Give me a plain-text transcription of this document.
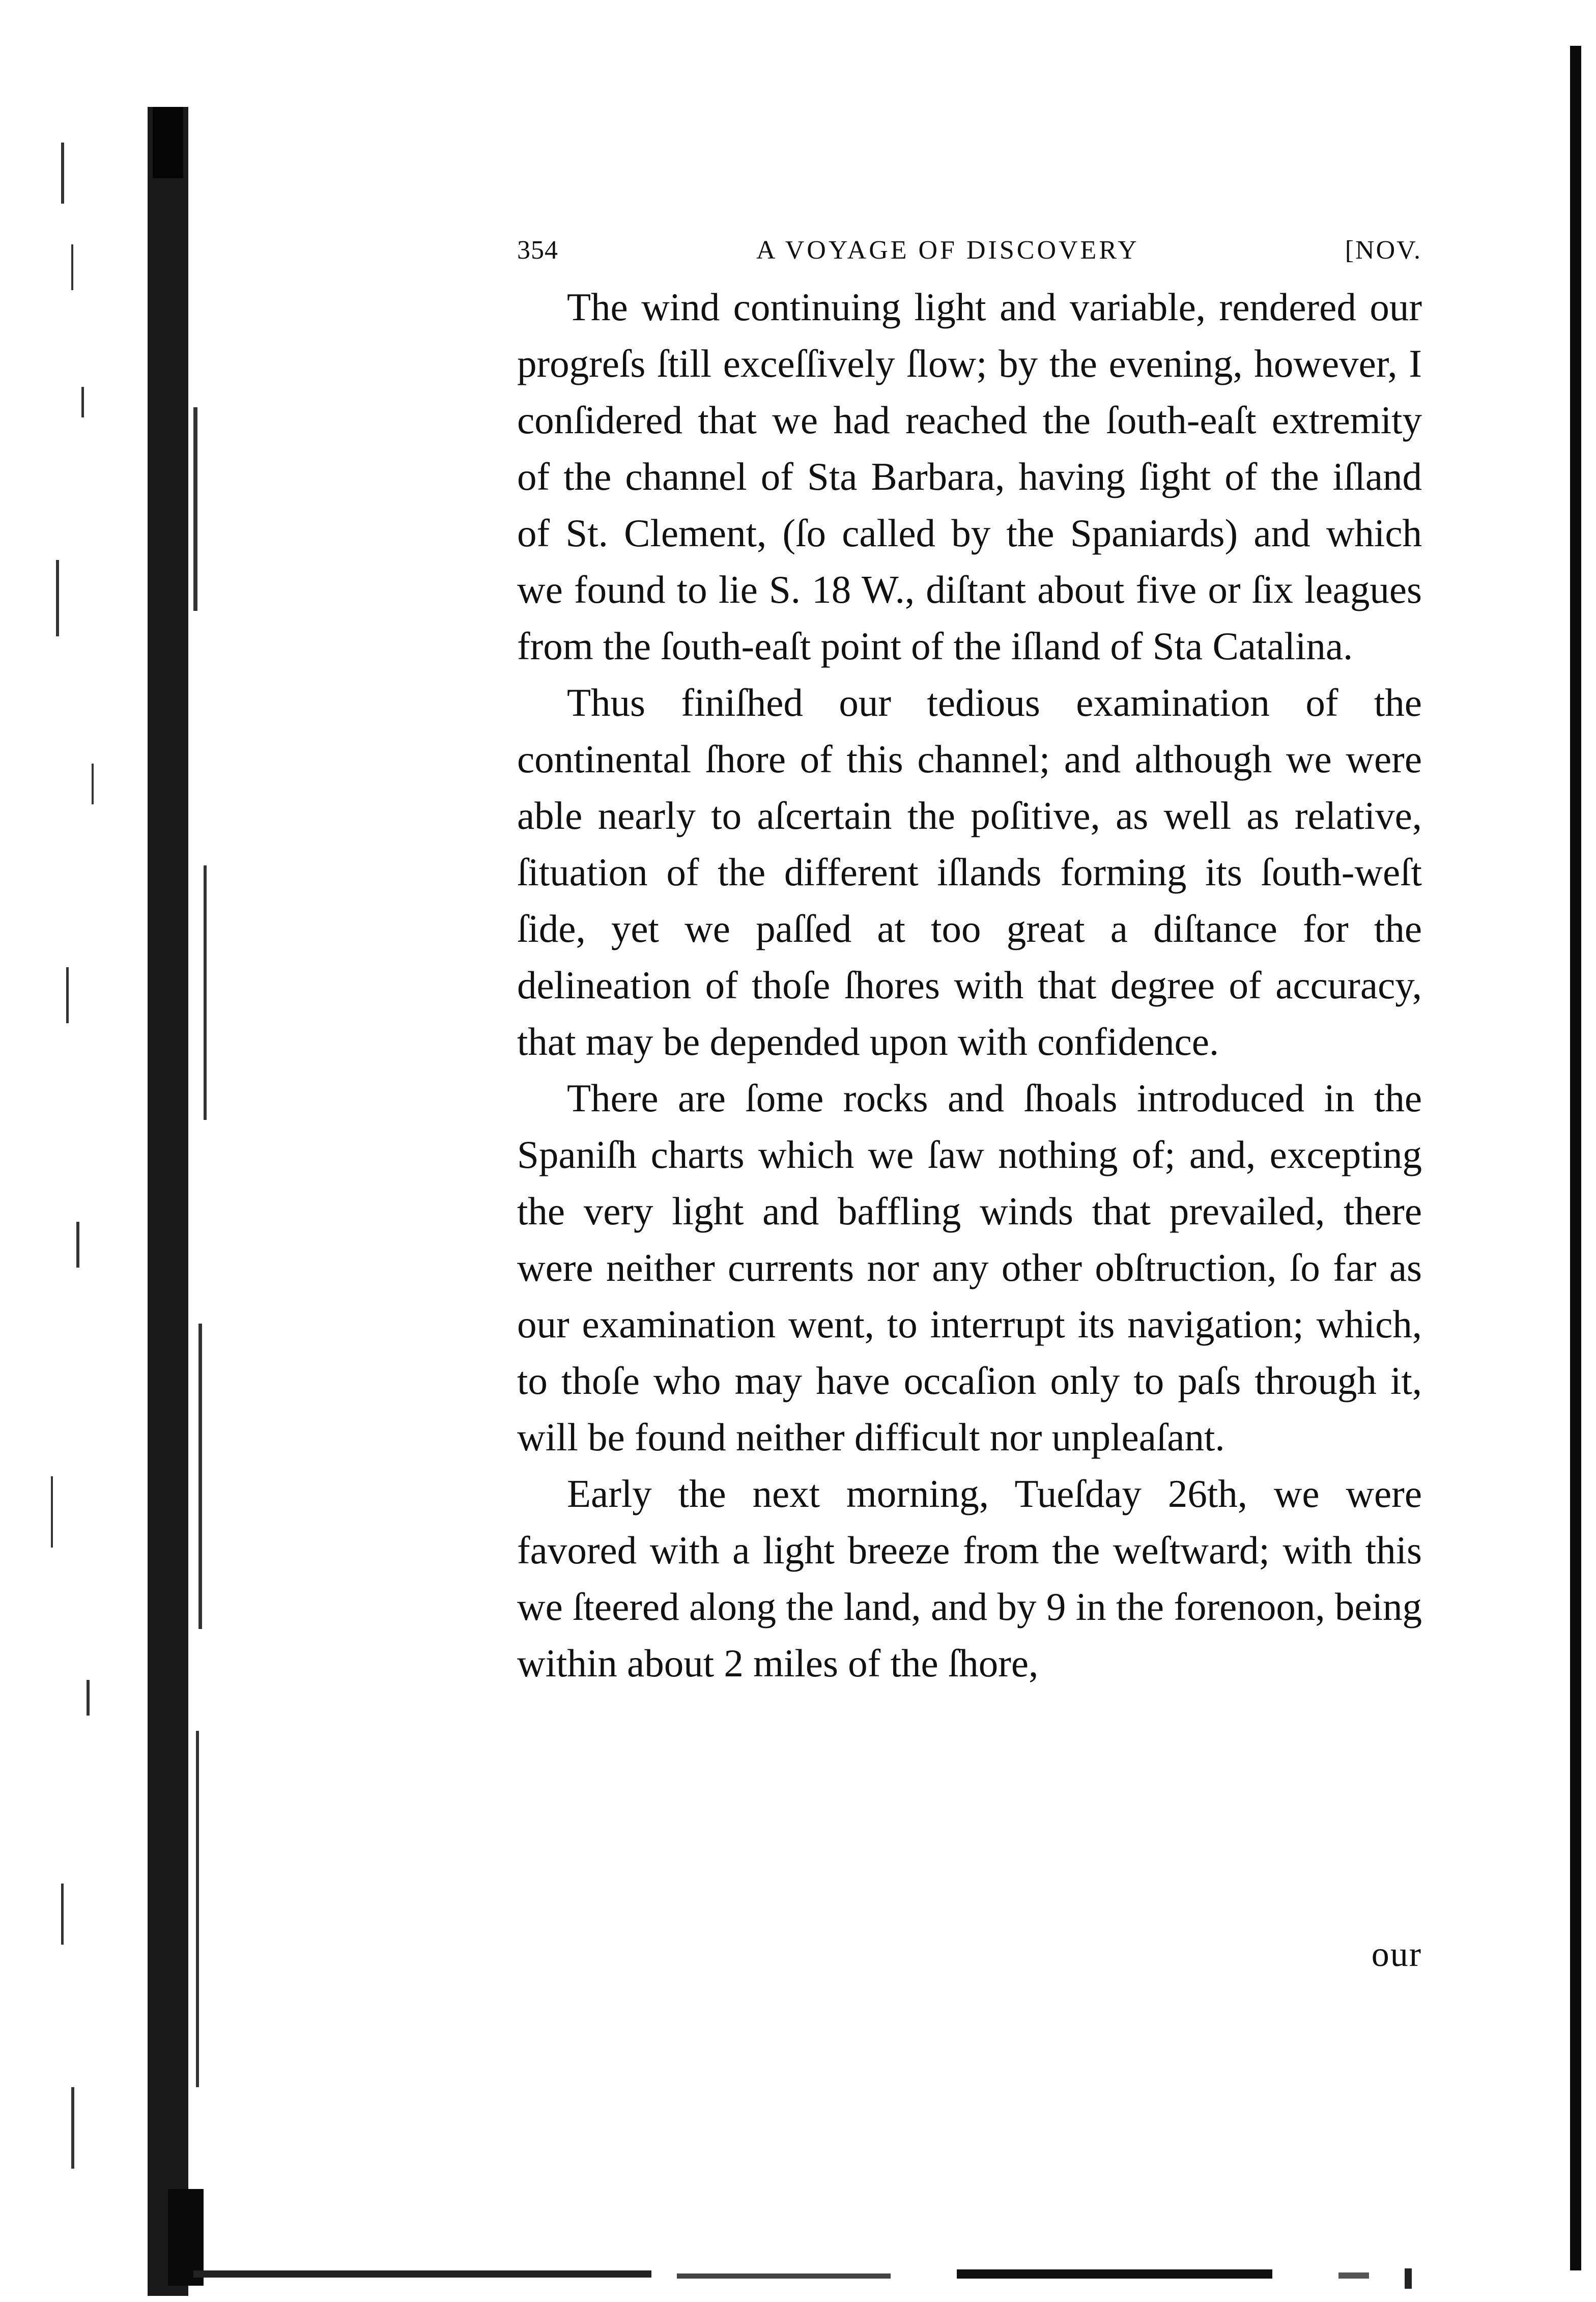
354	A VOYAGE OF DISCOVERY	[NOV.

The wind continuing light and variable, rendered our progreſs ſtill exceſſively ſlow; by the evening, however, I conſidered that we had reached the ſouth-eaſt extremity of the channel of Sta Barbara, having ſight of the iſland of St. Clement, (ſo called by the Spaniards) and which we found to lie S. 18 W., diſtant about five or ſix leagues from the ſouth-eaſt point of the iſland of Sta Catalina.

Thus finiſhed our tedious examination of the continental ſhore of this channel; and although we were able nearly to aſcertain the poſitive, as well as relative, ſituation of the different iſlands forming its ſouth-weſt ſide, yet we paſſed at too great a diſtance for the delineation of thoſe ſhores with that degree of accuracy, that may be depended upon with confidence.

There are ſome rocks and ſhoals introduced in the Spaniſh charts which we ſaw nothing of; and, excepting the very light and baffling winds that prevailed, there were neither currents nor any other obſtruction, ſo far as our examination went, to interrupt its navigation; which, to thoſe who may have occaſion only to paſs through it, will be found neither difficult nor unpleaſant.

Early the next morning, Tueſday 26th, we were favored with a light breeze from the weſtward; with this we ſteered along the land, and by 9 in the forenoon, being within about 2 miles of the ſhore,

our
